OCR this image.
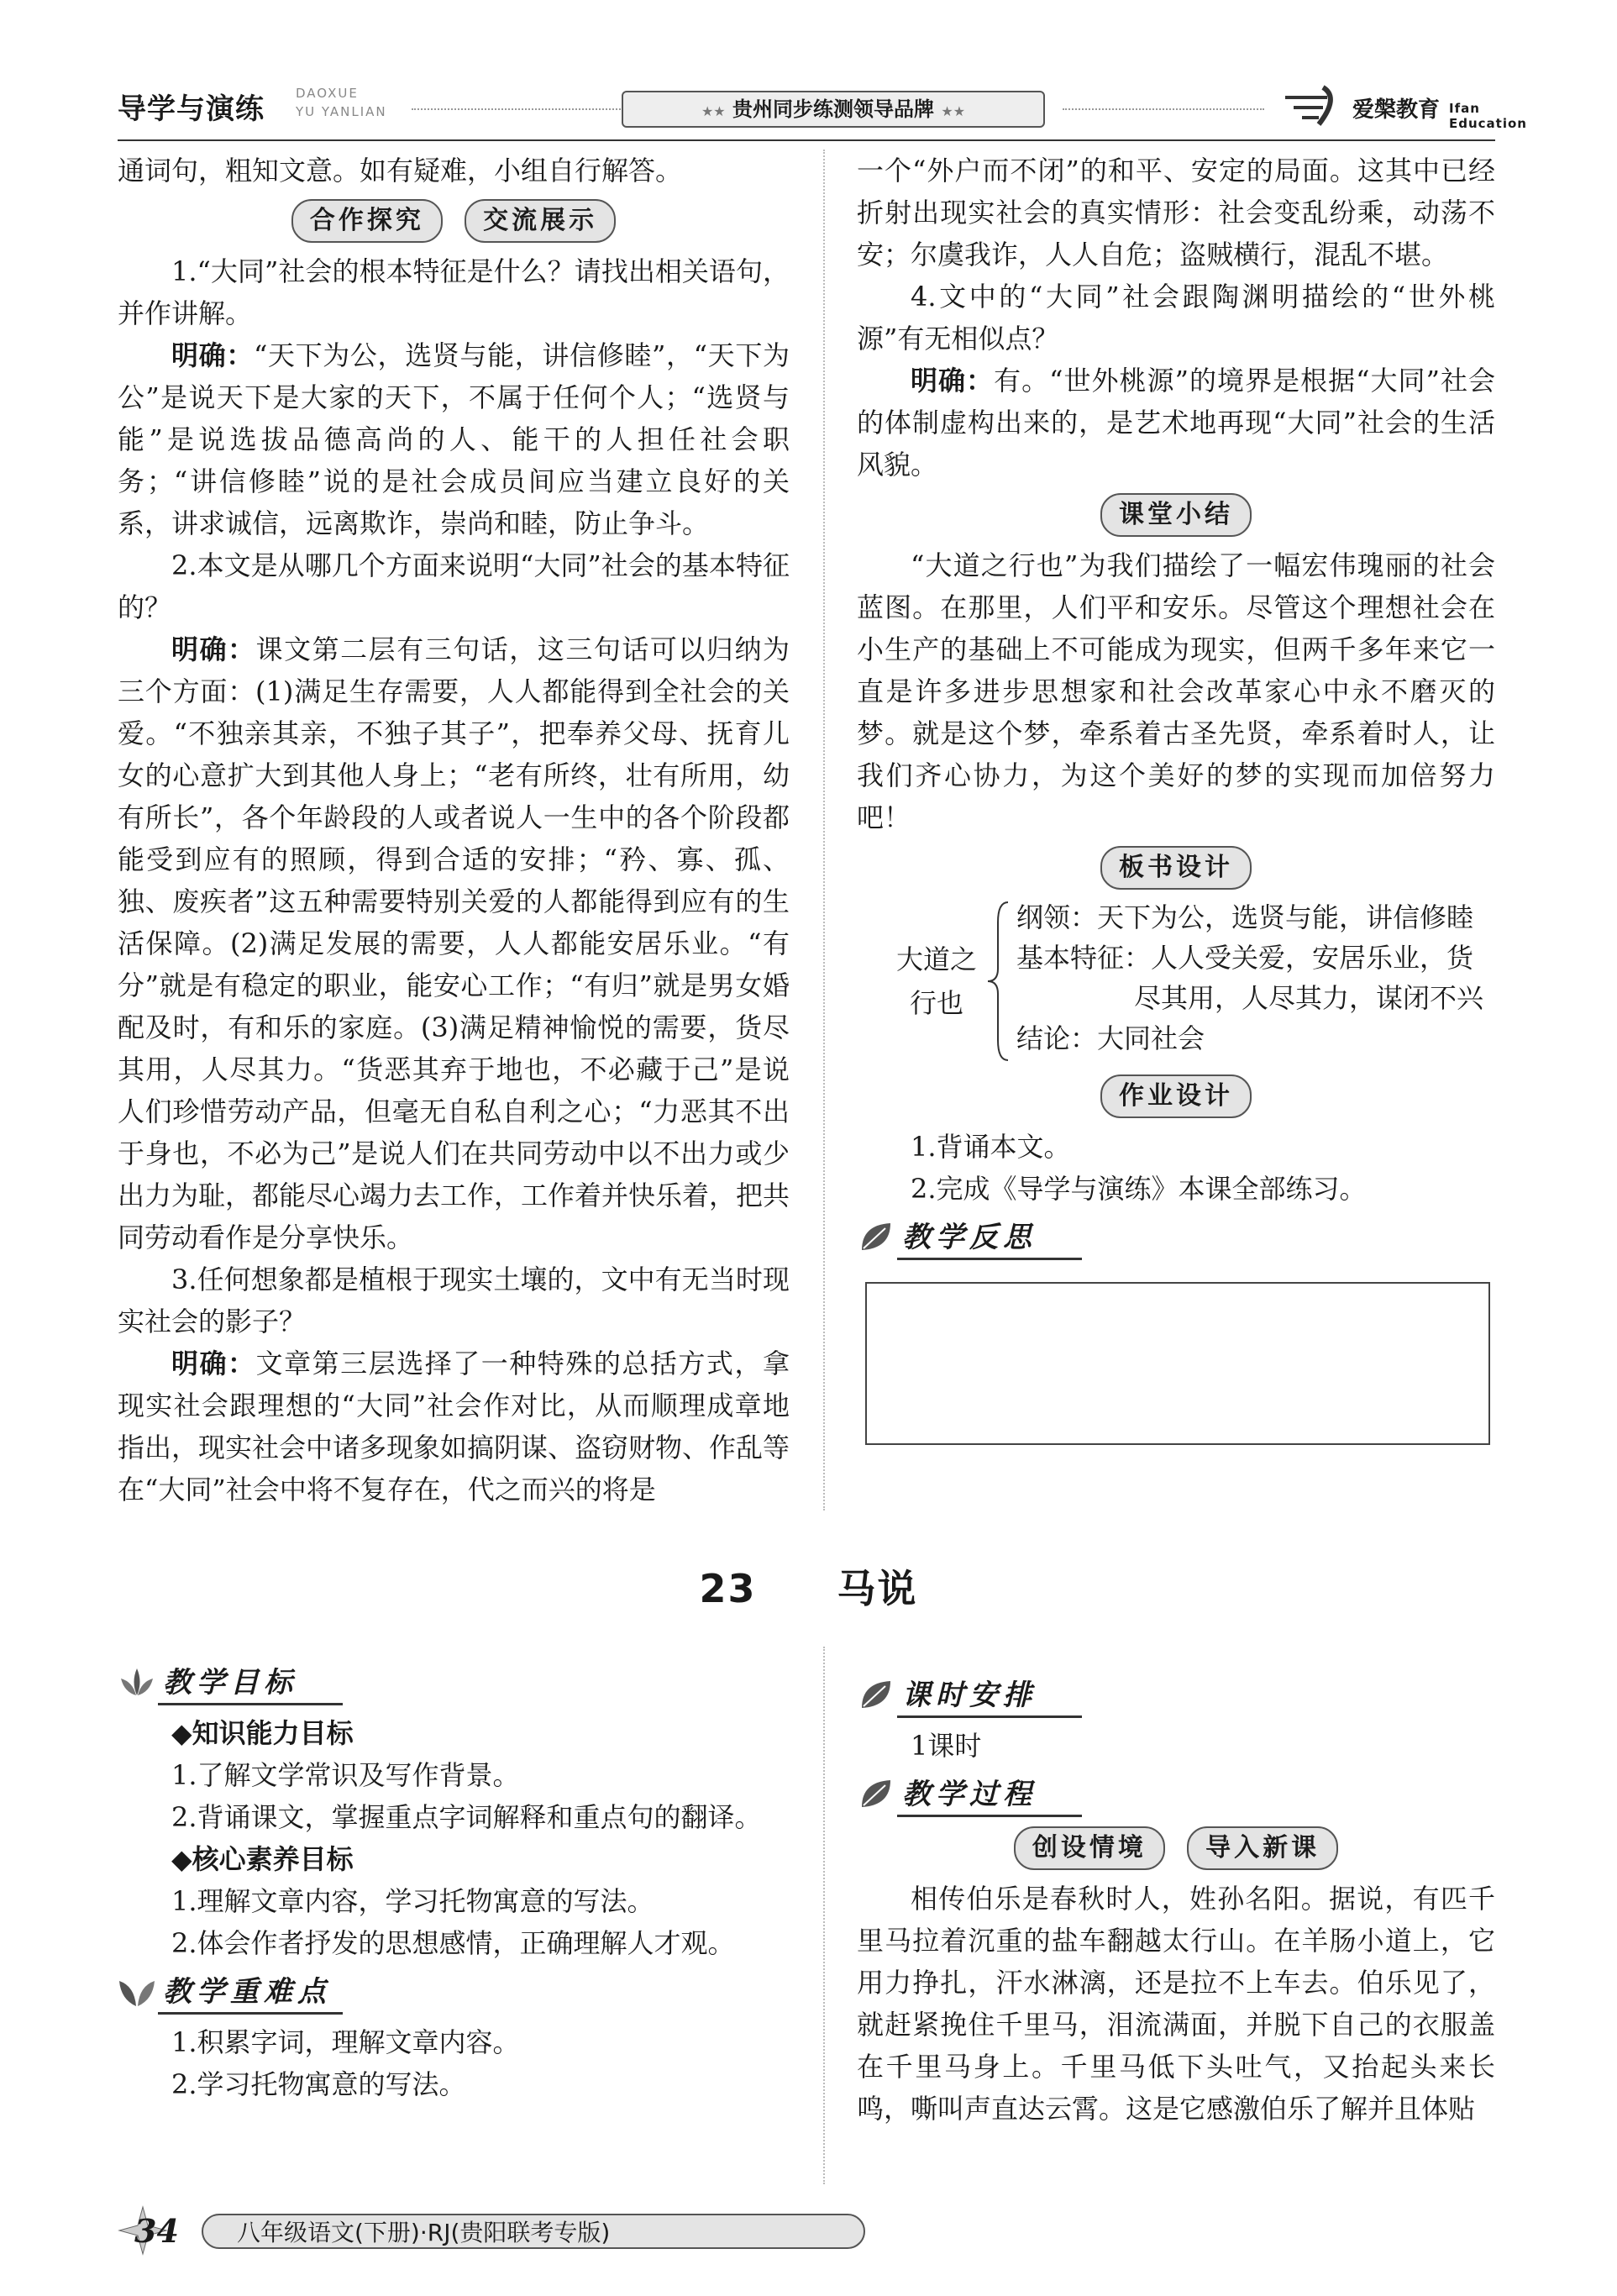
导学与演练 DAOXUE
YU YANLIAN	★★ 贵州同步练测领导品牌 ★★	爱槃教育 Ifan Education

通词句，粗知文意。如有疑难，小组自行解答。

合作探究 交流展示

1.“大同”社会的根本特征是什么？请找出相关语句，并作讲解。

明确：“天下为公，选贤与能，讲信修睦”，“天下为公”是说天下是大家的天下，不属于任何个人；“选贤与能”是说选拔品德高尚的人、能干的人担任社会职务；“讲信修睦”说的是社会成员间应当建立良好的关系，讲求诚信，远离欺诈，崇尚和睦，防止争斗。

2.本文是从哪几个方面来说明“大同”社会的基本特征的？

明确：课文第二层有三句话，这三句话可以归纳为三个方面：(1)满足生存需要，人人都能得到全社会的关爱。“不独亲其亲，不独子其子”，把奉养父母、抚育儿女的心意扩大到其他人身上；“老有所终，壮有所用，幼有所长”，各个年龄段的人或者说人一生中的各个阶段都能受到应有的照顾，得到合适的安排；“矜、寡、孤、独、废疾者”这五种需要特别关爱的人都能得到应有的生活保障。(2)满足发展的需要，人人都能安居乐业。“有分”就是有稳定的职业，能安心工作；“有归”就是男女婚配及时，有和乐的家庭。(3)满足精神愉悦的需要，货尽其用，人尽其力。“货恶其弃于地也，不必藏于己”是说人们珍惜劳动产品，但毫无自私自利之心；“力恶其不出于身也，不必为己”是说人们在共同劳动中以不出力或少出力为耻，都能尽心竭力去工作，工作着并快乐着，把共同劳动看作是分享快乐。

3.任何想象都是植根于现实土壤的，文中有无当时现实社会的影子？

明确：文章第三层选择了一种特殊的总括方式，拿现实社会跟理想的“大同”社会作对比，从而顺理成章地指出，现实社会中诸多现象如搞阴谋、盗窃财物、作乱等在“大同”社会中将不复存在，代之而兴的将是

一个“外户而不闭”的和平、安定的局面。这其中已经折射出现实社会的真实情形：社会变乱纷乘，动荡不安；尔虞我诈，人人自危；盗贼横行，混乱不堪。

4.文中的“大同”社会跟陶渊明描绘的“世外桃源”有无相似点？

明确：有。“世外桃源”的境界是根据“大同”社会的体制虚构出来的，是艺术地再现“大同”社会的生活风貌。

课堂小结

“大道之行也”为我们描绘了一幅宏伟瑰丽的社会蓝图。在那里，人们平和安乐。尽管这个理想社会在小生产的基础上不可能成为现实，但两千多年来它一直是许多进步思想家和社会改革家心中永不磨灭的梦。就是这个梦，牵系着古圣先贤，牵系着时人，让我们齐心协力，为这个美好的梦的实现而加倍努力吧！

板书设计
大道之
行也
纲领：天下为公，选贤与能，讲信修睦
基本特征：人人受关爱，安居乐业，货
尽其用，人尽其力，谋闭不兴
结论：大同社会
作业设计

1.背诵本文。

2.完成《导学与演练》本课全部练习。

教学反思
23 马说
教学目标

◆知识能力目标

1.了解文学常识及写作背景。

2.背诵课文，掌握重点字词解释和重点句的翻译。

◆核心素养目标

1.理解文章内容，学习托物寓意的写法。

2.体会作者抒发的思想感情，正确理解人才观。

教学重难点

1.积累字词，理解文章内容。

2.学习托物寓意的写法。

课时安排

1课时

教学过程
创设情境 导入新课

相传伯乐是春秋时人，姓孙名阳。据说，有匹千里马拉着沉重的盐车翻越太行山。在羊肠小道上，它用力挣扎，汗水淋漓，还是拉不上车去。伯乐见了，就赶紧挽住千里马，泪流满面，并脱下自己的衣服盖在千里马身上。千里马低下头吐气，又抬起头来长鸣，嘶叫声直达云霄。这是它感激伯乐了解并且体贴

34	八年级语文(下册)·RJ(贵阳联考专版)
